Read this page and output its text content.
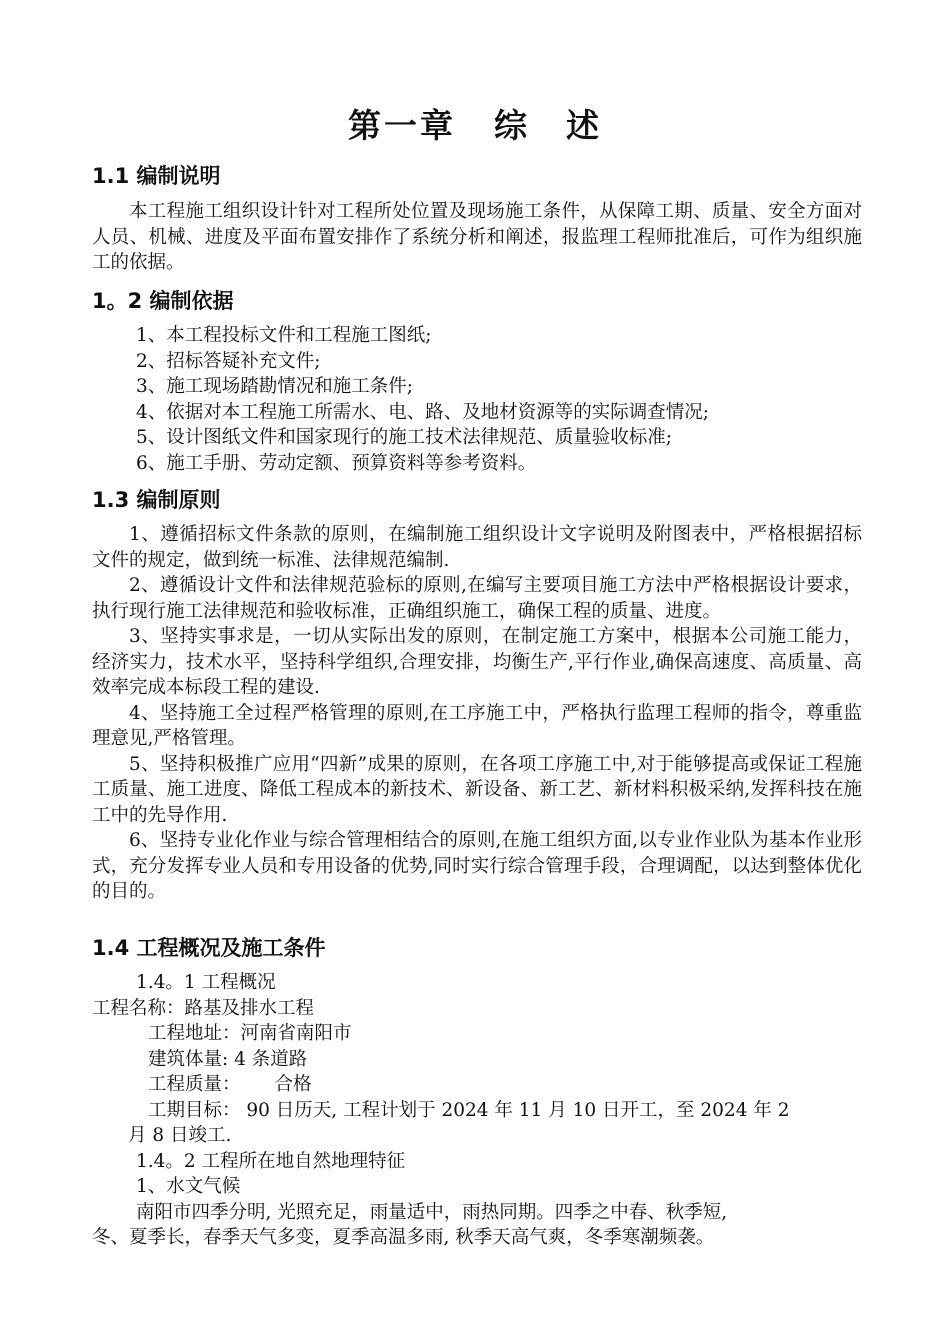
第一章 综　述
1.1 编制说明

本工程施工组织设计针对工程所处位置及现场施工条件，从保障工期、质量、安全方面对人员、机械、进度及平面布置安排作了系统分析和阐述，报监理工程师批准后，可作为组织施工的依据。

1。2 编制依据

1、本工程投标文件和工程施工图纸;

2、招标答疑补充文件;

3、施工现场踏勘情况和施工条件;

4、依据对本工程施工所需水、电、路、及地材资源等的实际调查情况;

5、设计图纸文件和国家现行的施工技术法律规范、质量验收标准;

6、施工手册、劳动定额、预算资料等参考资料。

1.3 编制原则

1、遵循招标文件条款的原则，在编制施工组织设计文字说明及附图表中，严格根据招标文件的规定，做到统一标准、法律规范编制.

2、遵循设计文件和法律规范验标的原则,在编写主要项目施工方法中严格根据设计要求，执行现行施工法律规范和验收标准，正确组织施工，确保工程的质量、进度。

3、坚持实事求是，一切从实际出发的原则，在制定施工方案中，根据本公司施工能力，经济实力，技术水平，坚持科学组织,合理安排，均衡生产,平行作业,确保高速度、高质量、高效率完成本标段工程的建设.

4、坚持施工全过程严格管理的原则,在工序施工中，严格执行监理工程师的指令，尊重监理意见,严格管理。

5、坚持积极推广应用“四新”成果的原则，在各项工序施工中,对于能够提高或保证工程施工质量、施工进度、降低工程成本的新技术、新设备、新工艺、新材料积极采纳,发挥科技在施工中的先导作用.

6、坚持专业化作业与综合管理相结合的原则,在施工组织方面,以专业作业队为基本作业形式，充分发挥专业人员和专用设备的优势,同时实行综合管理手段，合理调配，以达到整体优化的目的。

1.4 工程概况及施工条件

1.4。1 工程概况

工程名称：路基及排水工程

工程地址：河南省南阳市

建筑体量: 4 条道路

工程质量： 合格

工期目标： 90 日历天, 工程计划于 2024 年 11 月 10 日开工，至 2024 年 2

月 8 日竣工.

1.4。2 工程所在地自然地理特征

1、水文气候

南阳市四季分明, 光照充足，雨量适中，雨热同期。四季之中春、秋季短,

冬、夏季长，春季天气多变，夏季高温多雨, 秋季天高气爽，冬季寒潮频袭。
